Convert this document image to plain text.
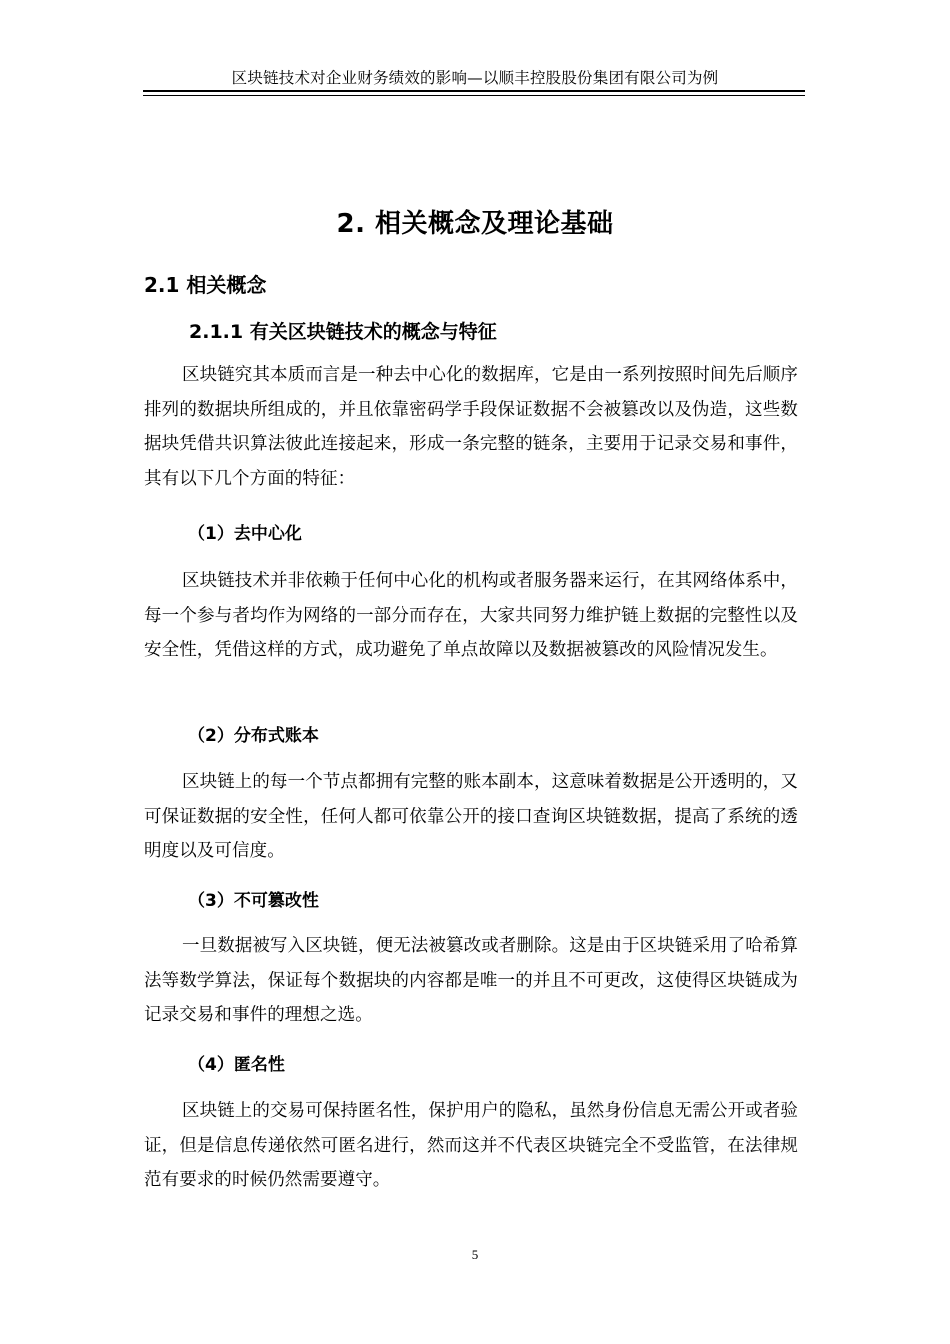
区块链技术对企业财务绩效的影响—以顺丰控股股份集团有限公司为例
2. 相关概念及理论基础
2.1 相关概念
2.1.1 有关区块链技术的概念与特征

区块链究其本质而言是一种去中心化的数据库，它是由一系列按照时间先后顺序排列的数据块所组成的，并且依靠密码学手段保证数据不会被篡改以及伪造，这些数据块凭借共识算法彼此连接起来，形成一条完整的链条，主要用于记录交易和事件，其有以下几个方面的特征：

（1）去中心化

区块链技术并非依赖于任何中心化的机构或者服务器来运行，在其网络体系中，每一个参与者均作为网络的一部分而存在，大家共同努力维护链上数据的完整性以及安全性，凭借这样的方式，成功避免了单点故障以及数据被篡改的风险情况发生。

（2）分布式账本

区块链上的每一个节点都拥有完整的账本副本，这意味着数据是公开透明的，又可保证数据的安全性，任何人都可依靠公开的接口查询区块链数据，提高了系统的透明度以及可信度。

（3）不可篡改性

一旦数据被写入区块链，便无法被篡改或者删除。这是由于区块链采用了哈希算法等数学算法，保证每个数据块的内容都是唯一的并且不可更改，这使得区块链成为记录交易和事件的理想之选。

（4）匿名性

区块链上的交易可保持匿名性，保护用户的隐私，虽然身份信息无需公开或者验证，但是信息传递依然可匿名进行，然而这并不代表区块链完全不受监管，在法律规范有要求的时候仍然需要遵守。

5
